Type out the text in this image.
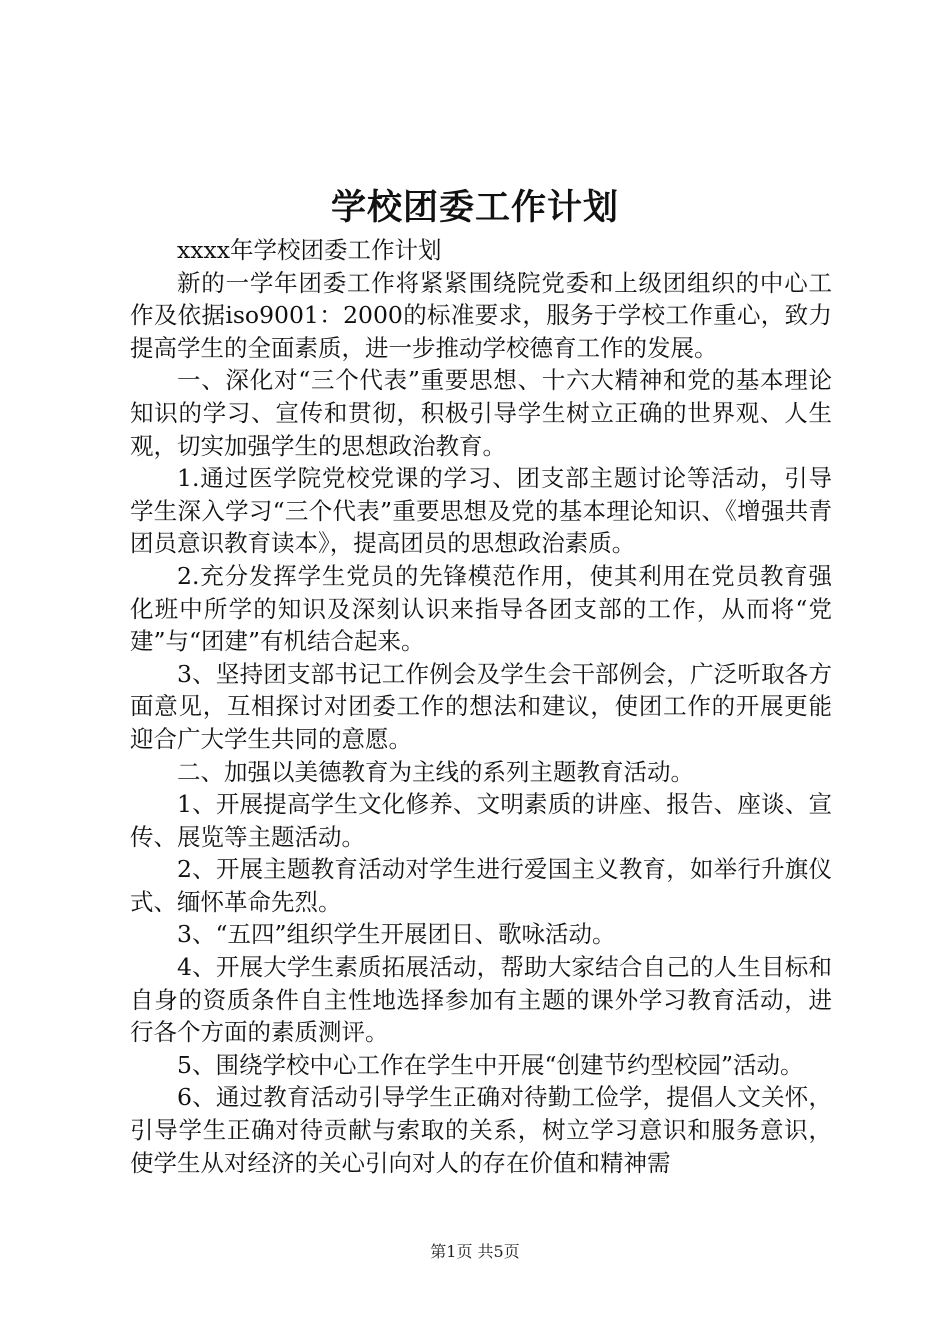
学校团委工作计划

xxxx年学校团委工作计划

新的一学年团委工作将紧紧围绕院党委和上级团组织的中心工作及依据iso9001：2000的标准要求，服务于学校工作重心，致力提高学生的全面素质，进一步推动学校德育工作的发展。

一、深化对“三个代表”重要思想、十六大精神和党的基本理论知识的学习、宣传和贯彻，积极引导学生树立正确的世界观、人生观，切实加强学生的思想政治教育。

1.通过医学院党校党课的学习、团支部主题讨论等活动，引导学生深入学习“三个代表”重要思想及党的基本理论知识、《增强共青团员意识教育读本》，提高团员的思想政治素质。

2.充分发挥学生党员的先锋模范作用，使其利用在党员教育强化班中所学的知识及深刻认识来指导各团支部的工作，从而将“党建”与“团建”有机结合起来。

3、坚持团支部书记工作例会及学生会干部例会，广泛听取各方面意见，互相探讨对团委工作的想法和建议，使团工作的开展更能迎合广大学生共同的意愿。

二、加强以美德教育为主线的系列主题教育活动。

1、开展提高学生文化修养、文明素质的讲座、报告、座谈、宣传、展览等主题活动。

2、开展主题教育活动对学生进行爱国主义教育，如举行升旗仪式、缅怀革命先烈。

3、“五四”组织学生开展团日、歌咏活动。

4、开展大学生素质拓展活动，帮助大家结合自己的人生目标和自身的资质条件自主性地选择参加有主题的课外学习教育活动，进行各个方面的素质测评。

5、围绕学校中心工作在学生中开展“创建节约型校园”活动。

6、通过教育活动引导学生正确对待勤工俭学，提倡人文关怀，引导学生正确对待贡献与索取的关系，树立学习意识和服务意识，使学生从对经济的关心引向对人的存在价值和精神需

第1页 共5页
